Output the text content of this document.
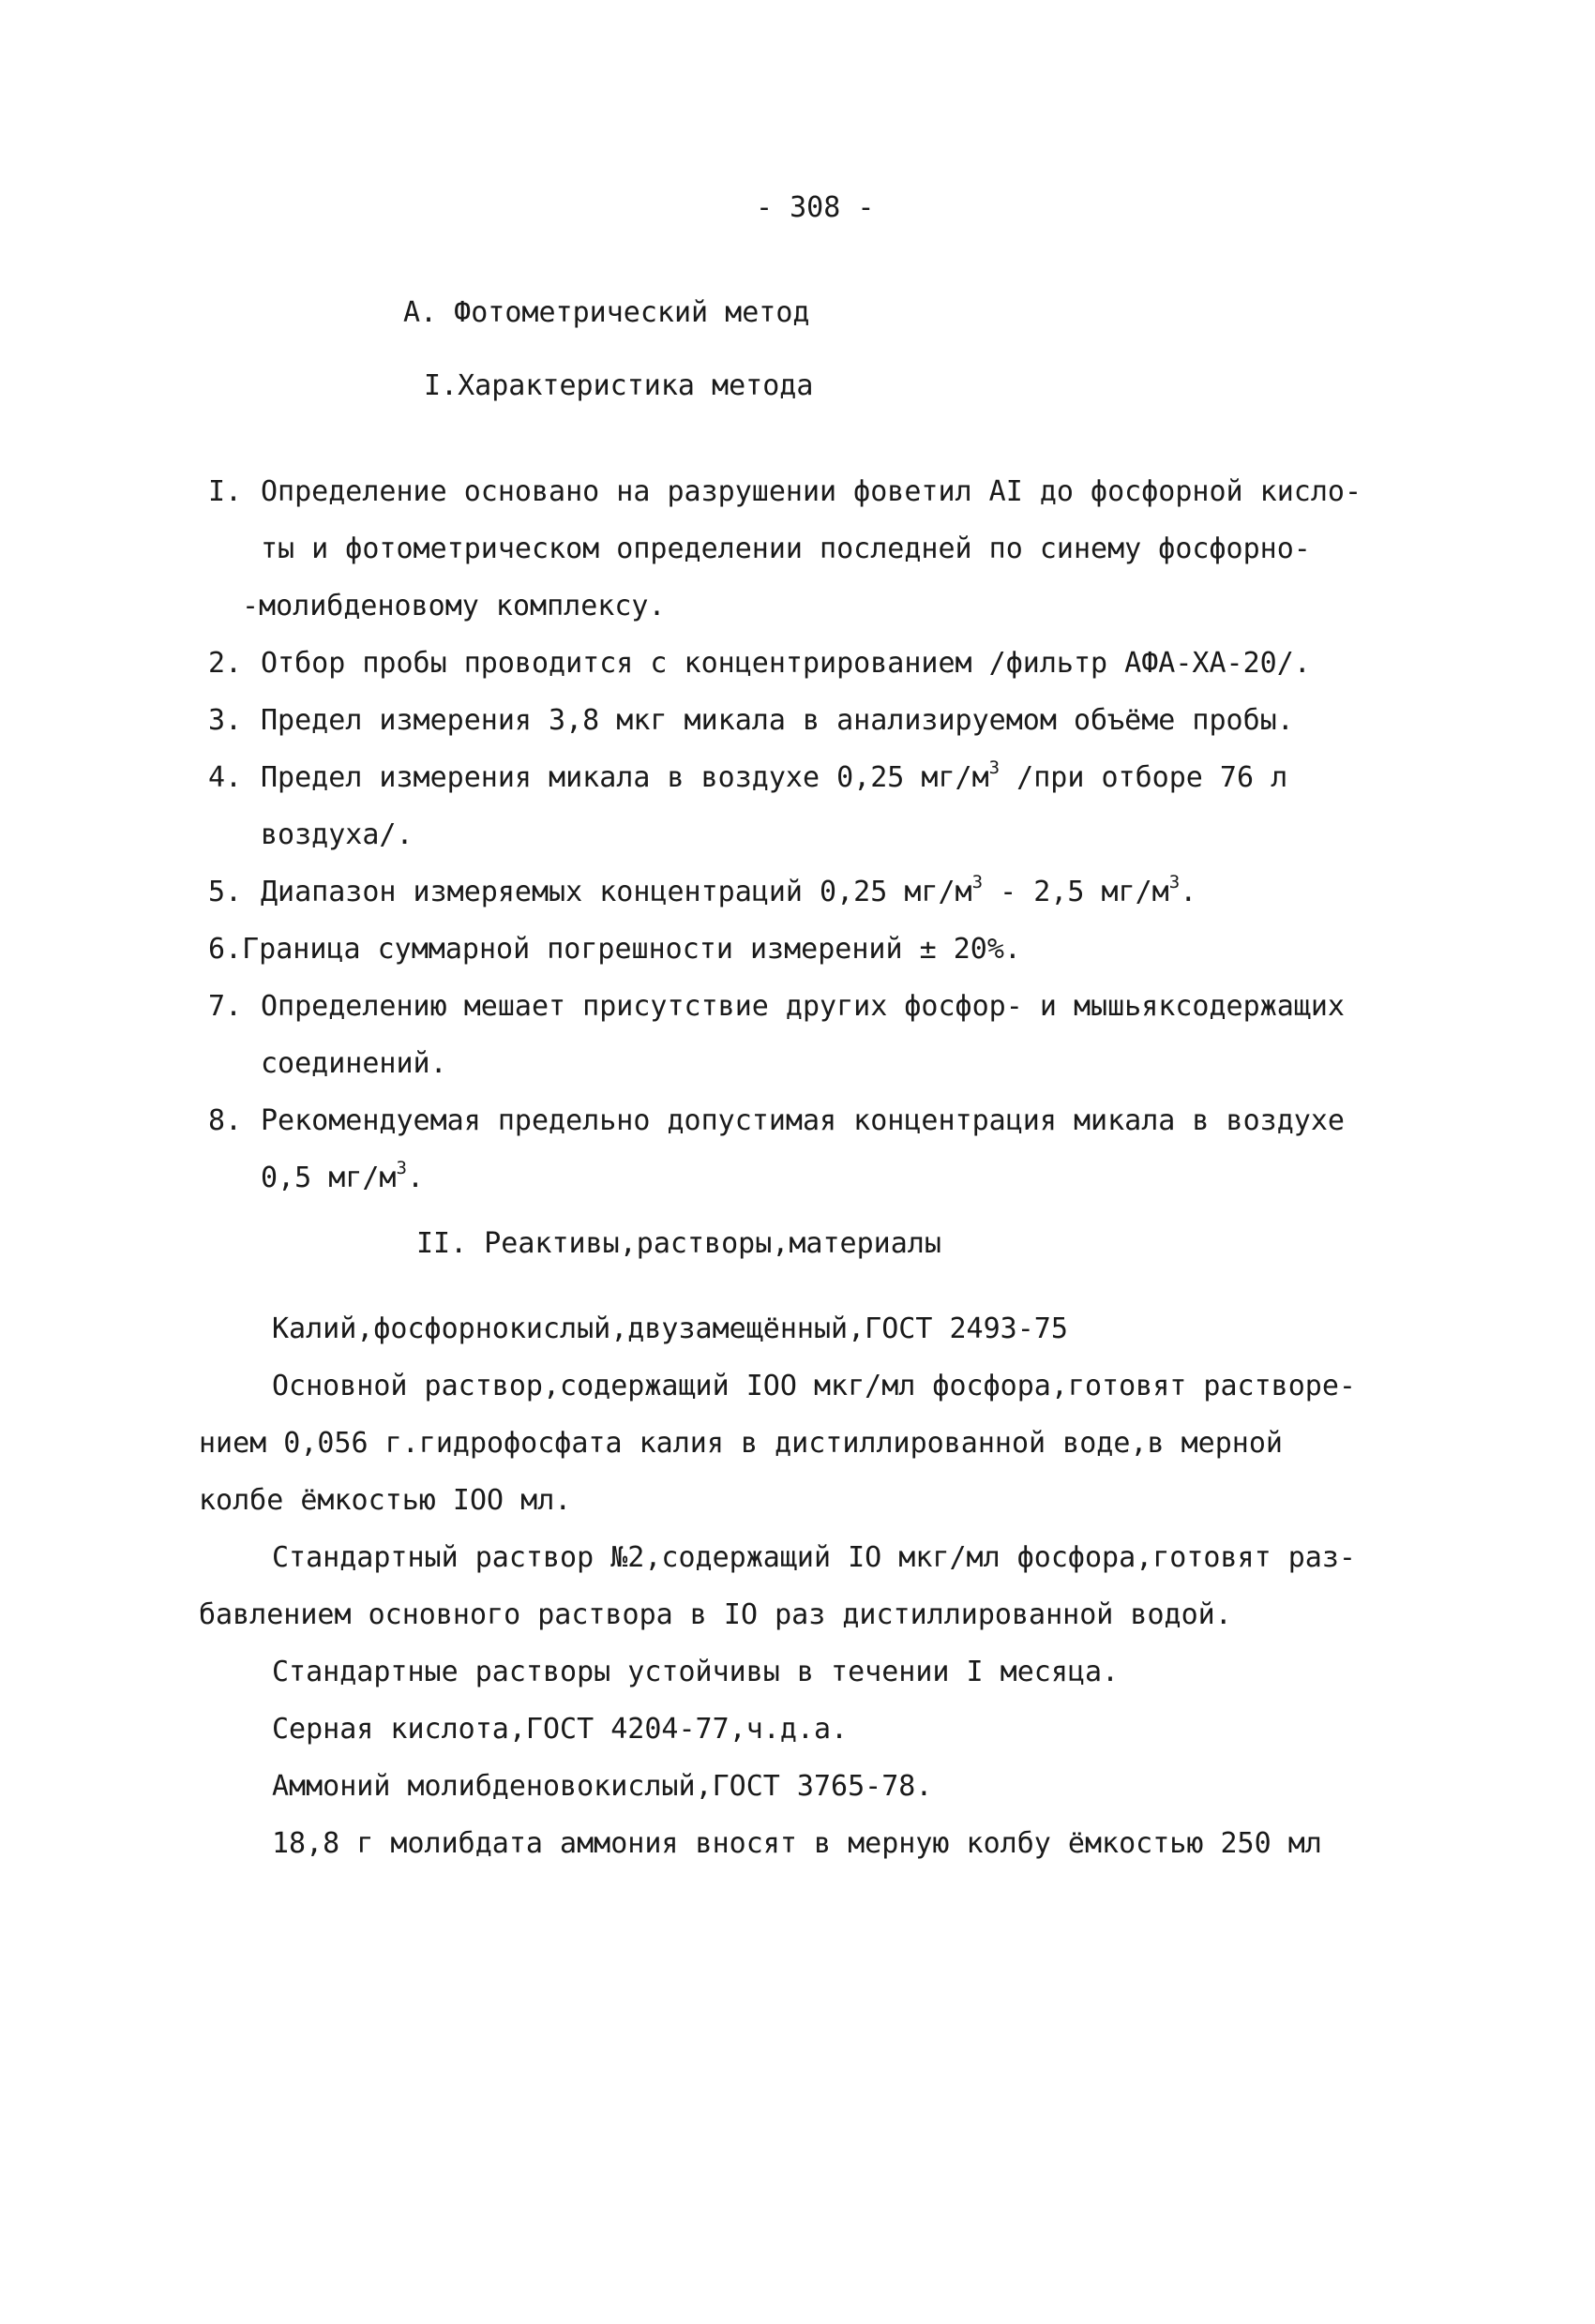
- 308 -
А. Фотометрический метод
I.Характеристика метода
I. Определение основано на разрушении фоветил AI до фосфорной кисло-
ты и фотометрическом определении последней по синему фосфорно-
-молибденовому комплексу.
2. Отбор пробы проводится с концентрированием /фильтр АФА-ХА-20/.
3. Предел измерения 3,8 мкг микала в анализируемом объёме пробы.
4. Предел измерения микала в воздухе 0,25 $мг/м^3$ /при отборе 76 л
воздуха/.
5. Диапазон измеряемых концентраций 0,25 $мг/м^3 - 2,5$ $мг/м^3$.
6.Граница суммарной погрешности измерений ± 20%.
7. Определению мешает присутствие других фосфор- и мышьяксодержащих
соединений.
8. Рекомендуемая предельно допустимая концентрация микала в воздухе
0,5 $мг/м^3$.
II. Реактивы,растворы,материалы
Калий,фосфорнокислый,двузамещённый,ГОСТ 2493-75
Основной раствор,содержащий IOO мкг/мл фосфора,готовят растворе-
нием 0,056 г.гидрофосфата калия в дистиллированной воде,в мерной
колбе ёмкостью IOO мл.
Стандартный раствор №2,содержащий IO мкг/мл фосфора,готовят раз-
бавлением основного раствора в IO раз дистиллированной водой.
Стандартные растворы устойчивы в течении I месяца.
Серная кислота,ГОСТ 4204-77,ч.д.а.
Аммоний молибденовокислый,ГОСТ 3765-78.
18,8 г молибдата аммония вносят в мерную колбу ёмкостью 250 мл
